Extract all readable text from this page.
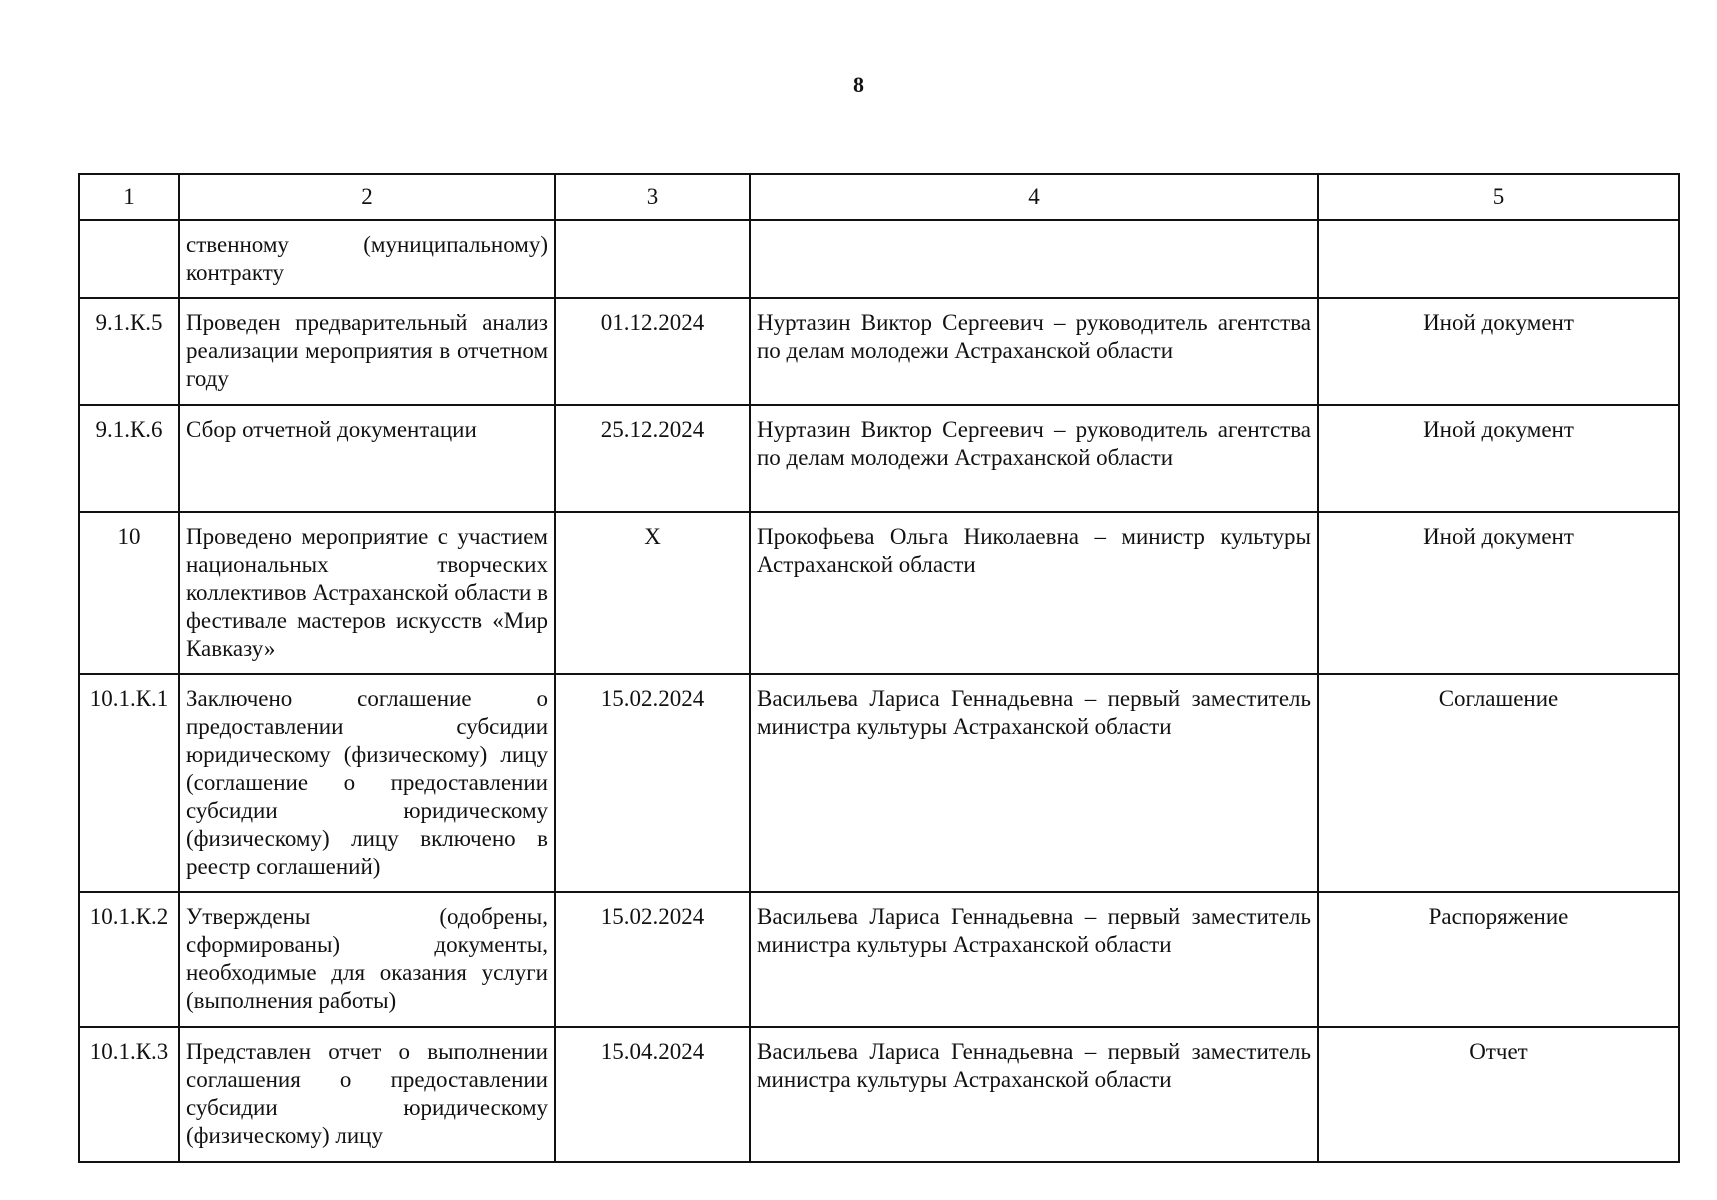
8
1	2	3	4	5
	ственному (муниципальному) контракту			
9.1.К.5	Проведен предварительный анализ реализации мероприятия в отчетном году	01.12.2024	Нуртазин Виктор Сергеевич – руководитель агентства по делам молодежи Астраханской области	Иной документ
9.1.К.6	Сбор отчетной документации	25.12.2024	Нуртазин Виктор Сергеевич – руководитель агентства по делам молодежи Астраханской области	Иной документ
10	Проведено мероприятие с участием национальных творческих коллективов Астраханской области в фестивале мастеров искусств «Мир Кавказу»	Х	Прокофьева Ольга Николаевна – министр культуры Астраханской области	Иной документ
10.1.К.1	Заключено соглашение о предоставлении субсидии юридическому (физическому) лицу (соглашение о предоставлении субсидии юридическому (физическому) лицу включено в реестр соглашений)	15.02.2024	Васильева Лариса Геннадьевна – первый заместитель министра культуры Астраханской области	Соглашение
10.1.К.2	Утверждены (одобрены, сформированы) документы, необходимые для оказания услуги (выполнения работы)	15.02.2024	Васильева Лариса Геннадьевна – первый заместитель министра культуры Астраханской области	Распоряжение
10.1.К.3	Представлен отчет о выполнении соглашения о предоставлении субсидии юридическому (физическому) лицу	15.04.2024	Васильева Лариса Геннадьевна – первый заместитель министра культуры Астраханской области	Отчет
